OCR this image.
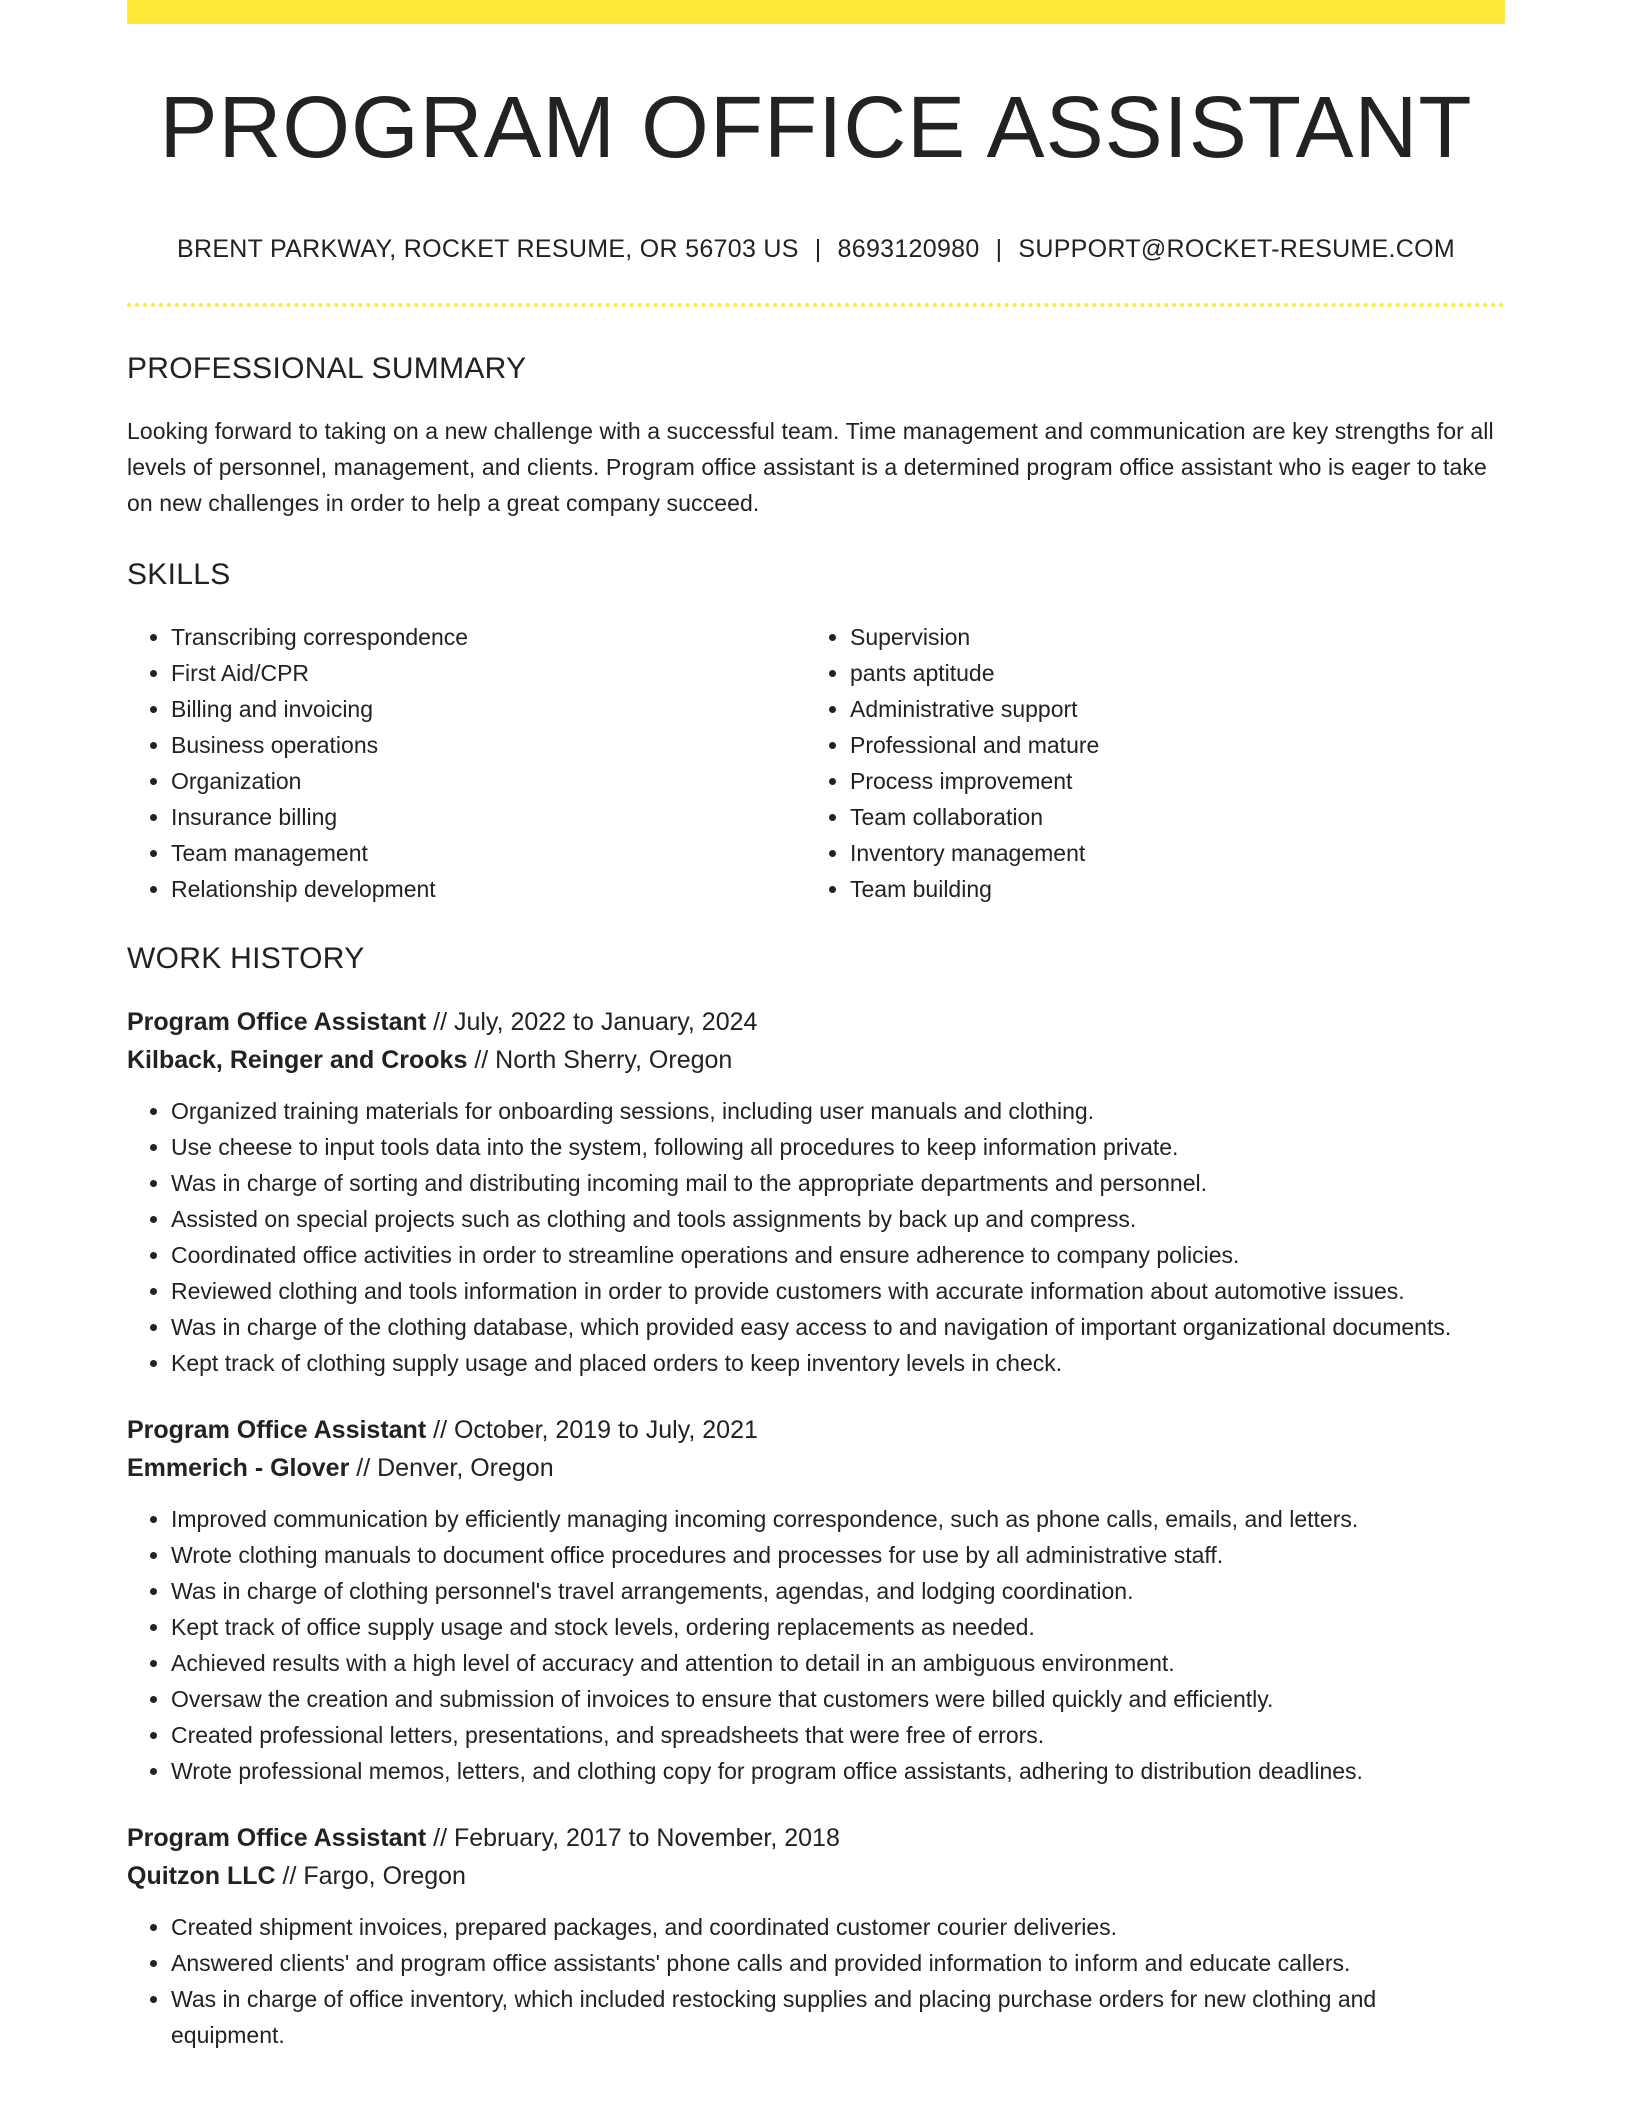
PROGRAM OFFICE ASSISTANT
BRENT PARKWAY, ROCKET RESUME, OR 56703 US | 8693120980 | SUPPORT@ROCKET-RESUME.COM
PROFESSIONAL SUMMARY

Looking forward to taking on a new challenge with a successful team. Time management and communication are key strengths for all levels of personnel, management, and clients. Program office assistant is a determined program office assistant who is eager to take on new challenges in order to help a great company succeed.

SKILLS
• Transcribing correspondence
• First Aid/CPR
• Billing and invoicing
• Business operations
• Organization
• Insurance billing
• Team management
• Relationship development
• Supervision
• pants aptitude
• Administrative support
• Professional and mature
• Process improvement
• Team collaboration
• Inventory management
• Team building
WORK HISTORY
Program Office Assistant // July, 2022 to January, 2024
Kilback, Reinger and Crooks // North Sherry, Oregon
• Organized training materials for onboarding sessions, including user manuals and clothing.
• Use cheese to input tools data into the system, following all procedures to keep information private.
• Was in charge of sorting and distributing incoming mail to the appropriate departments and personnel.
• Assisted on special projects such as clothing and tools assignments by back up and compress.
• Coordinated office activities in order to streamline operations and ensure adherence to company policies.
• Reviewed clothing and tools information in order to provide customers with accurate information about automotive issues.
• Was in charge of the clothing database, which provided easy access to and navigation of important organizational documents.
• Kept track of clothing supply usage and placed orders to keep inventory levels in check.
Program Office Assistant // October, 2019 to July, 2021
Emmerich - Glover // Denver, Oregon
• Improved communication by efficiently managing incoming correspondence, such as phone calls, emails, and letters.
• Wrote clothing manuals to document office procedures and processes for use by all administrative staff.
• Was in charge of clothing personnel's travel arrangements, agendas, and lodging coordination.
• Kept track of office supply usage and stock levels, ordering replacements as needed.
• Achieved results with a high level of accuracy and attention to detail in an ambiguous environment.
• Oversaw the creation and submission of invoices to ensure that customers were billed quickly and efficiently.
• Created professional letters, presentations, and spreadsheets that were free of errors.
• Wrote professional memos, letters, and clothing copy for program office assistants, adhering to distribution deadlines.
Program Office Assistant // February, 2017 to November, 2018
Quitzon LLC // Fargo, Oregon
• Created shipment invoices, prepared packages, and coordinated customer courier deliveries.
• Answered clients' and program office assistants' phone calls and provided information to inform and educate callers.
• Was in charge of office inventory, which included restocking supplies and placing purchase orders for new clothing and equipment.
